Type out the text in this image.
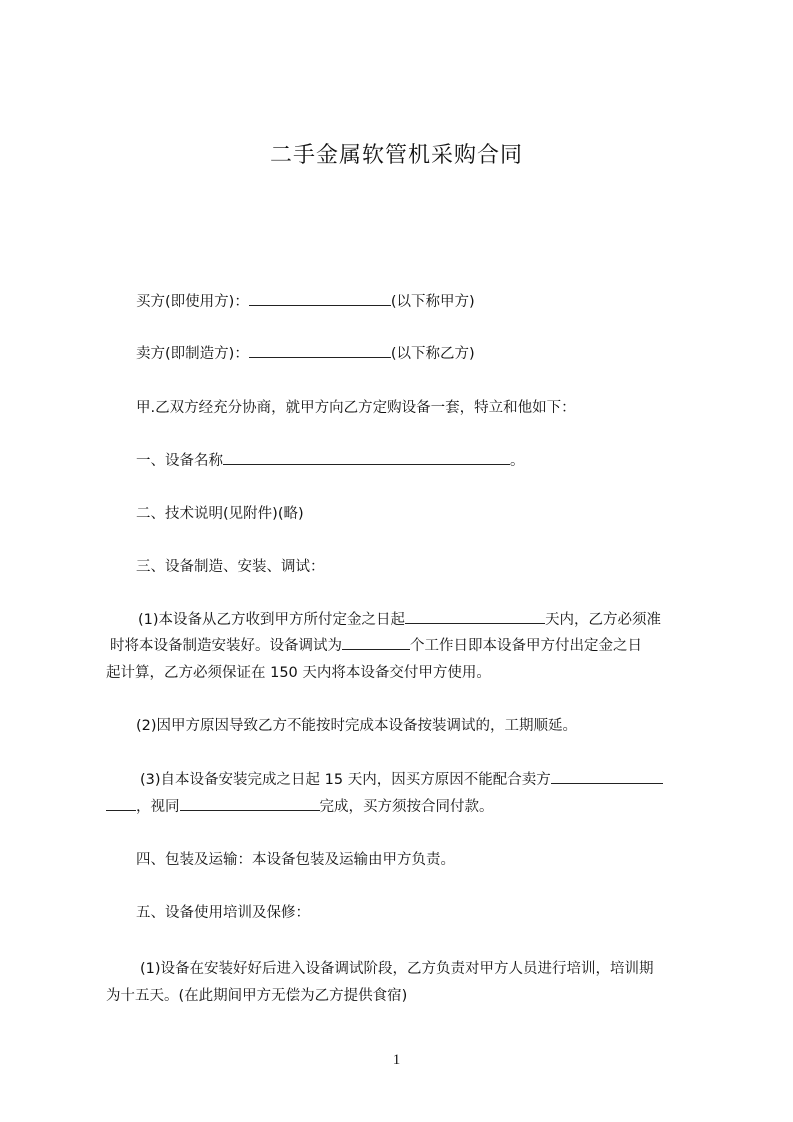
二手金属软管机采购合同
买方(即使用方)：	(以下称甲方)
卖方(即制造方)：	(以下称乙方)
甲.乙双方经充分协商，就甲方向乙方定购设备一套，特立和他如下：
一、设备名称	。
二、技术说明(见附件)(略)
三、设备制造、安装、调试：
(1)本设备从乙方收到甲方所付定金之日起	天内，乙方必须准
时将本设备制造安装好。设备调试为	个工作日即本设备甲方付出定金之日
起计算，乙方必须保证在 150 天内将本设备交付甲方使用。
(2)因甲方原因导致乙方不能按时完成本设备按装调试的，工期顺延。
(3)自本设备安装完成之日起 15 天内，因买方原因不能配合卖方
，视同	完成，买方须按合同付款。
四、包装及运输：本设备包装及运输由甲方负责。
五、设备使用培训及保修：
(1)设备在安装好好后进入设备调试阶段，乙方负责对甲方人员进行培训，培训期
为十五天。(在此期间甲方无偿为乙方提供食宿)
1
